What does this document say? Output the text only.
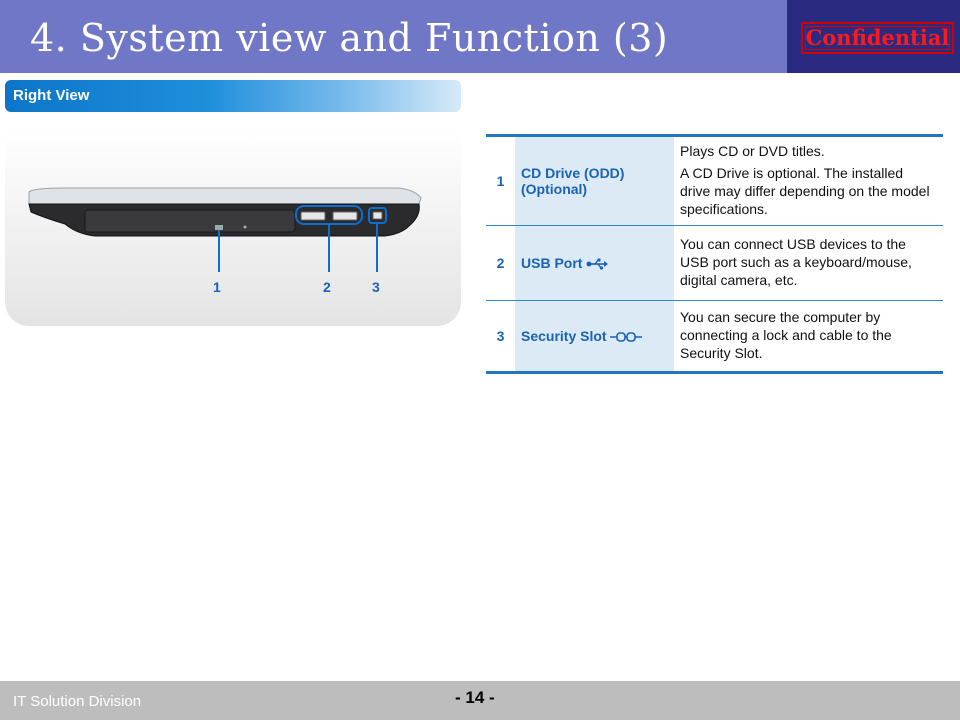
4. System view and Function (3)	Confidential
Right View
1	2	3
1	CD Drive (ODD) (Optional)	Plays CD or DVD titles.

A CD Drive is optional. The installed drive may differ depending on the model specifications.

2	USB Port	You can connect USB devices to the USB port such as a keyboard/mouse, digital camera, etc.

3	Security Slot	You can secure the computer by connecting a lock and cable to the Security Slot.

IT Solution Division	- 14 -
